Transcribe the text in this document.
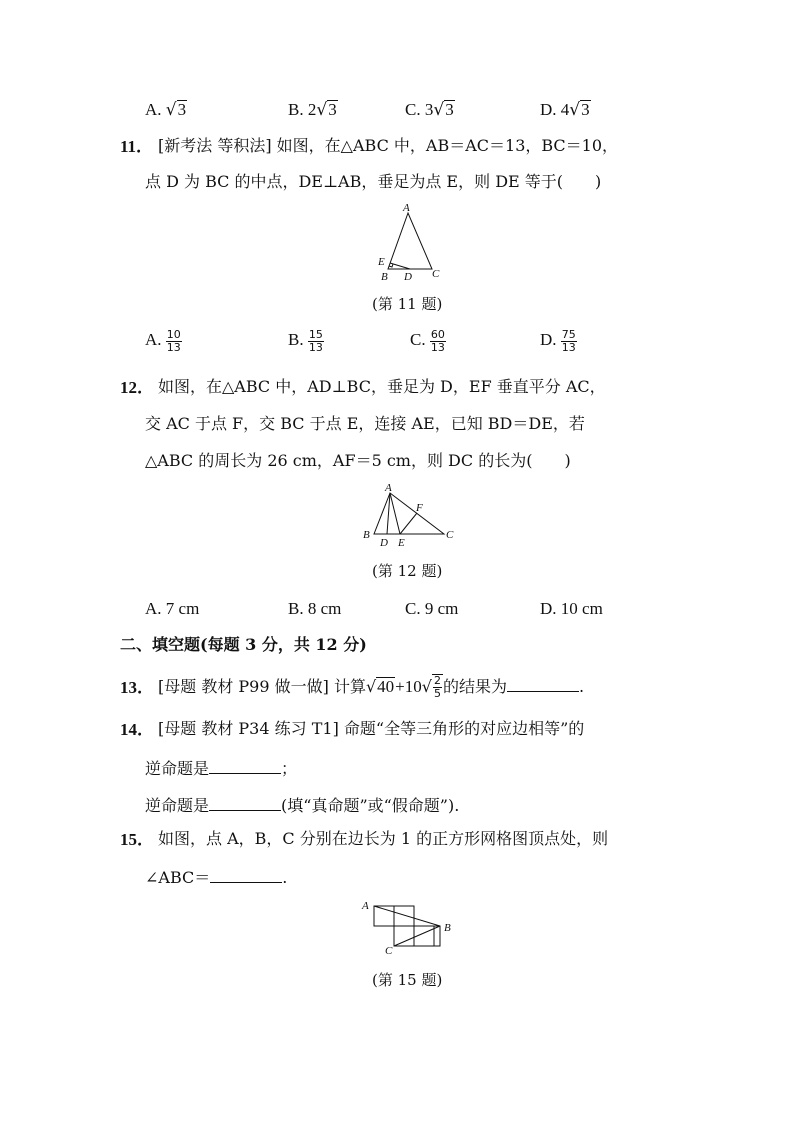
A. √3	B. 2√3	C. 3√3	D. 4√3
11． [新考法 等积法] 如图，在△ABC 中，AB＝AC＝13，BC＝10，
点 D 为 BC 的中点，DE⊥AB，垂足为点 E，则 DE 等于(　　)
A
E
B D C
(第 11 题)
A. $\frac{10}{13}$	B. $\frac{15}{13}$	C. $\frac{60}{13}$	D. $\frac{75}{13}$
12． 如图，在△ABC 中，AD⊥BC，垂足为 D，EF 垂直平分 AC，
交 AC 于点 F，交 BC 于点 E，连接 AE，已知 BD＝DE，若
△ABC 的周长为 26 cm，AF＝5 cm，则 DC 的长为(　　)
A
B
D E
F
C
(第 12 题)
A. 7 cm	B. 8 cm	C. 9 cm	D. 10 cm
二、填空题(每题 3 分，共 12 分)
13． [母题 教材 P99 做一做] 计算$√40+10√ \frac{2}{5}$ 的结果为	.
14． [母题 教材 P34 练习 T1] 命题“全等三角形的对应边相等”的
逆命题是	；
逆命题是	(填“真命题”或“假命题”).
15． 如图，点 A，B，C 分别在边长为 1 的正方形网格图顶点处，则
∠ABC＝	.
A
B
C
(第 15 题)
